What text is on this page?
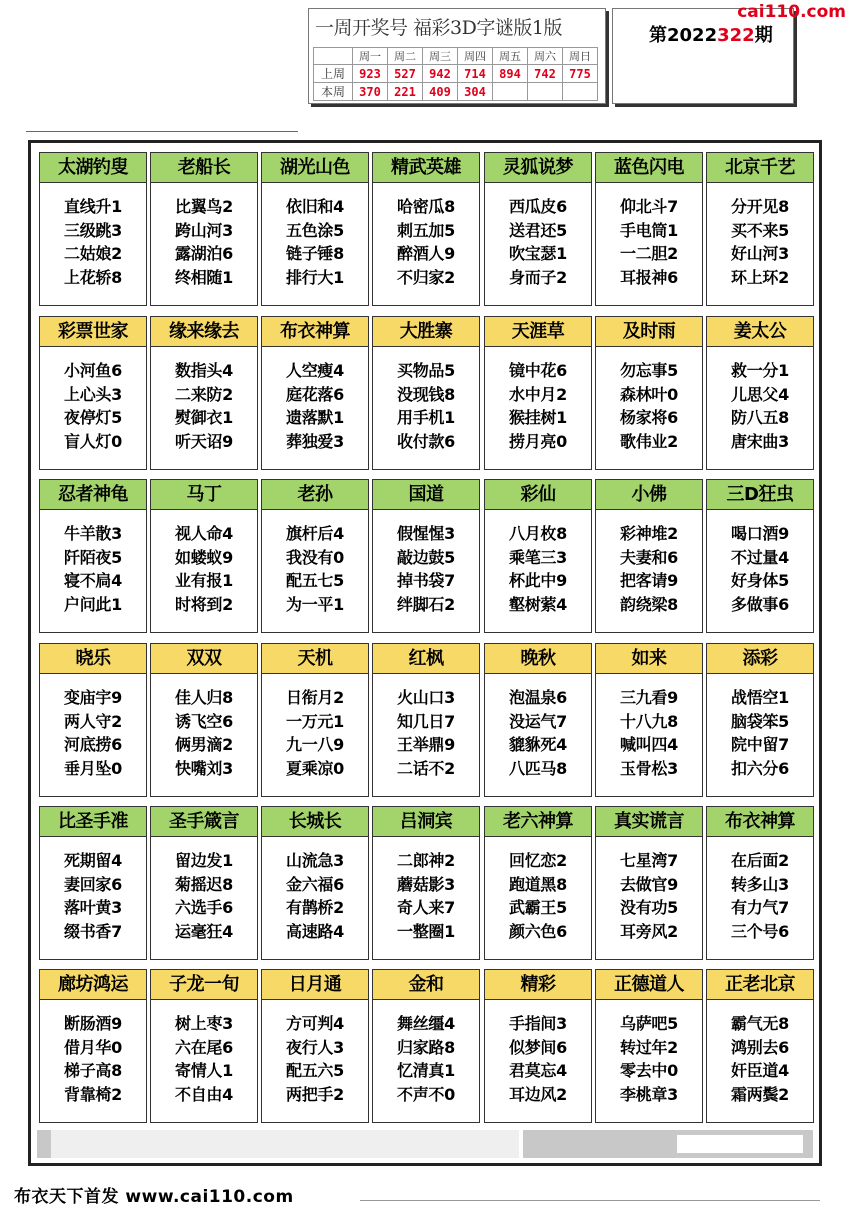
一周开奖号 福彩3D字谜版1版
	周一	周二	周三	周四	周五	周六	周日
上周	923	527	942	714	894	742	775
本周	370	221	409	304			
第2022322期
cai110.com
太湖钓叟
直线升1
三级跳3
二姑娘2
上花轿8
老船长
比翼鸟2
跨山河3
露湖泊6
终相随1
湖光山色
依旧和4
五色涂5
链子锤8
排行大1
精武英雄
哈密瓜8
刺五加5
醉酒人9
不归家2
灵狐说梦
西瓜皮6
送君还5
吹宝瑟1
身而子2
蓝色闪电
仰北斗7
手电筒1
一二胆2
耳报神6
北京千艺
分开见8
买不来5
好山河3
环上环2
彩票世家
小河鱼6
上心头3
夜停灯5
盲人灯0
缘来缘去
数指头4
二来防2
熨御衣1
听天诏9
布衣神算
人空瘦4
庭花落6
遗落默1
葬独爱3
大胜寨
买物品5
没现钱8
用手机1
收付款6
天涯草
镜中花6
水中月2
猴挂树1
捞月亮0
及时雨
勿忘事5
森林叶0
杨家将6
歌伟业2
姜太公
救一分1
儿思父4
防八五8
唐宋曲3
忍者神龟
牛羊散3
阡陌夜5
寝不扃4
户问此1
马丁
视人命4
如蝼蚁9
业有报1
时将到2
老孙
旗杆后4
我没有0
配五七5
为一平1
国道
假惺惺3
敲边鼓5
掉书袋7
绊脚石2
彩仙
八月枚8
乘笔三3
杯此中9
壑树萦4
小佛
彩神堆2
夫妻和6
把客请9
韵绕梁8
三D狂虫
喝口酒9
不过量4
好身体5
多做事6
晓乐
变庙宇9
两人守2
河底捞6
垂月坠0
双双
佳人归8
诱飞空6
俩男滴2
快嘴刘3
天机
日衔月2
一万元1
九一八9
夏乘凉0
红枫
火山口3
知几日7
王举鼎9
二话不2
晚秋
泡温泉6
没运气7
貔貅死4
八匹马8
如来
三九看9
十八九8
喊叫四4
玉骨松3
添彩
战悟空1
脑袋笨5
院中留7
扣六分6
比圣手准
死期留4
妻回家6
落叶黄3
缀书香7
圣手箴言
留边发1
菊摇迟8
六选手6
运毫狂4
长城长
山流急3
金六福6
有鹊桥2
高速路4
吕洞宾
二郎神2
蘑菇影3
奇人来7
一整圈1
老六神算
回忆恋2
跑道黑8
武霸王5
颜六色6
真实谎言
七星湾7
去做官9
没有功5
耳旁风2
布衣神算
在后面2
转多山3
有力气7
三个号6
廊坊鸿运
断肠酒9
借月华0
梯子高8
背靠椅2
子龙一旬
树上枣3
六在尾6
寄情人1
不自由4
日月通
方可判4
夜行人3
配五六5
两把手2
金和
舞丝缰4
归家路8
忆清真1
不声不0
精彩
手指间3
似梦间6
君莫忘4
耳边风2
正德道人
乌萨吧5
转过年2
零去中0
李桃章3
正老北京
霸气无8
鸿别去6
奸臣道4
霜两鬓2
布衣天下首发 www.cai110.com
